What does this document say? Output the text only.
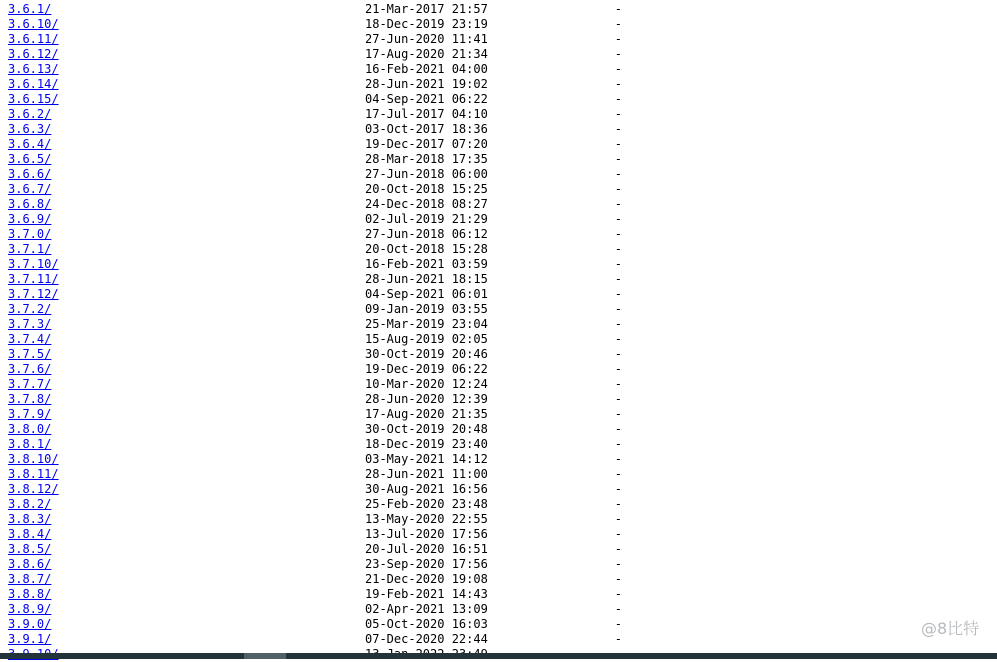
3.6.1/	21-Mar-2017 21:57	-
3.6.10/	18-Dec-2019 23:19	-
3.6.11/	27-Jun-2020 11:41	-
3.6.12/	17-Aug-2020 21:34	-
3.6.13/	16-Feb-2021 04:00	-
3.6.14/	28-Jun-2021 19:02	-
3.6.15/	04-Sep-2021 06:22	-
3.6.2/	17-Jul-2017 04:10	-
3.6.3/	03-Oct-2017 18:36	-
3.6.4/	19-Dec-2017 07:20	-
3.6.5/	28-Mar-2018 17:35	-
3.6.6/	27-Jun-2018 06:00	-
3.6.7/	20-Oct-2018 15:25	-
3.6.8/	24-Dec-2018 08:27	-
3.6.9/	02-Jul-2019 21:29	-
3.7.0/	27-Jun-2018 06:12	-
3.7.1/	20-Oct-2018 15:28	-
3.7.10/	16-Feb-2021 03:59	-
3.7.11/	28-Jun-2021 18:15	-
3.7.12/	04-Sep-2021 06:01	-
3.7.2/	09-Jan-2019 03:55	-
3.7.3/	25-Mar-2019 23:04	-
3.7.4/	15-Aug-2019 02:05	-
3.7.5/	30-Oct-2019 20:46	-
3.7.6/	19-Dec-2019 06:22	-
3.7.7/	10-Mar-2020 12:24	-
3.7.8/	28-Jun-2020 12:39	-
3.7.9/	17-Aug-2020 21:35	-
3.8.0/	30-Oct-2019 20:48	-
3.8.1/	18-Dec-2019 23:40	-
3.8.10/	03-May-2021 14:12	-
3.8.11/	28-Jun-2021 11:00	-
3.8.12/	30-Aug-2021 16:56	-
3.8.2/	25-Feb-2020 23:48	-
3.8.3/	13-May-2020 22:55	-
3.8.4/	13-Jul-2020 17:56	-
3.8.5/	20-Jul-2020 16:51	-
3.8.6/	23-Sep-2020 17:56	-
3.8.7/	21-Dec-2020 19:08	-
3.8.8/	19-Feb-2021 14:43	-
3.8.9/	02-Apr-2021 13:09	-
3.9.0/	05-Oct-2020 16:03	-
3.9.1/	07-Dec-2020 22:44	-
@8比特
